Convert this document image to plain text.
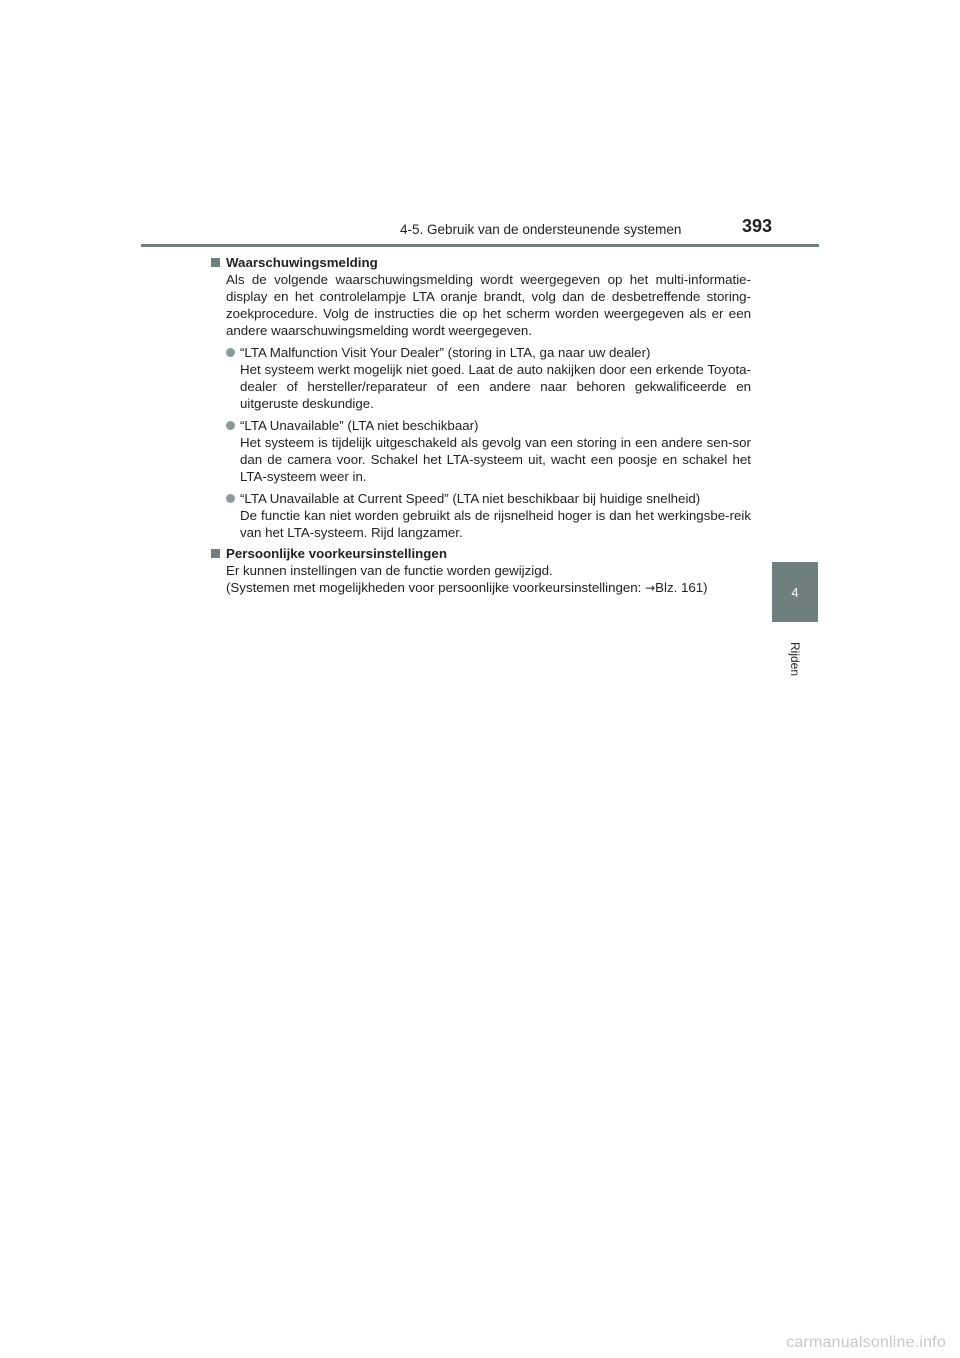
4-5. Gebruik van de ondersteunende systemen	393
4
Rijden
Waarschuwingsmelding
Als de volgende waarschuwingsmelding wordt weergegeven op het multi-informatie-display en het controlelampje LTA oranje brandt, volg dan de desbetreffende storing-zoekprocedure. Volg de instructies die op het scherm worden weergegeven als er een andere waarschuwingsmelding wordt weergegeven.
“LTA Malfunction Visit Your Dealer” (storing in LTA, ga naar uw dealer)
Het systeem werkt mogelijk niet goed. Laat de auto nakijken door een erkende Toyota-dealer of hersteller/reparateur of een andere naar behoren gekwalificeerde en uitgeruste deskundige.
“LTA Unavailable” (LTA niet beschikbaar)
Het systeem is tijdelijk uitgeschakeld als gevolg van een storing in een andere sen-sor dan de camera voor. Schakel het LTA-systeem uit, wacht een poosje en schakel het LTA-systeem weer in.
“LTA Unavailable at Current Speed” (LTA niet beschikbaar bij huidige snelheid)
De functie kan niet worden gebruikt als de rijsnelheid hoger is dan het werkingsbe-reik van het LTA-systeem. Rijd langzamer.
Persoonlijke voorkeursinstellingen
Er kunnen instellingen van de functie worden gewijzigd.
(Systemen met mogelijkheden voor persoonlijke voorkeursinstellingen: →Blz. 161)
carmanualsonline.info
